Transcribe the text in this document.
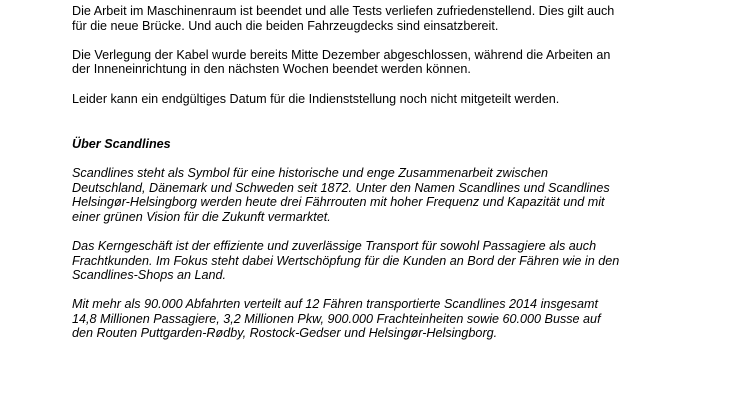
Die Arbeit im Maschinenraum ist beendet und alle Tests verliefen zufriedenstellend. Dies gilt auch
für die neue Brücke. Und auch die beiden Fahrzeugdecks sind einsatzbereit.

Die Verlegung der Kabel wurde bereits Mitte Dezember abgeschlossen, während die Arbeiten an
der Inneneinrichtung in den nächsten Wochen beendet werden können.

Leider kann ein endgültiges Datum für die Indienststellung noch nicht mitgeteilt werden.

Über Scandlines

Scandlines steht als Symbol für eine historische und enge Zusammenarbeit zwischen
Deutschland, Dänemark und Schweden seit 1872. Unter den Namen Scandlines und Scandlines
Helsingør-Helsingborg werden heute drei Fährrouten mit hoher Frequenz und Kapazität und mit
einer grünen Vision für die Zukunft vermarktet.

Das Kerngeschäft ist der effiziente und zuverlässige Transport für sowohl Passagiere als auch
Frachtkunden. Im Fokus steht dabei Wertschöpfung für die Kunden an Bord der Fähren wie in den
Scandlines-Shops an Land.

Mit mehr als 90.000 Abfahrten verteilt auf 12 Fähren transportierte Scandlines 2014 insgesamt
14,8 Millionen Passagiere, 3,2 Millionen Pkw, 900.000 Frachteinheiten sowie 60.000 Busse auf
den Routen Puttgarden-Rødby, Rostock-Gedser und Helsingør-Helsingborg.
